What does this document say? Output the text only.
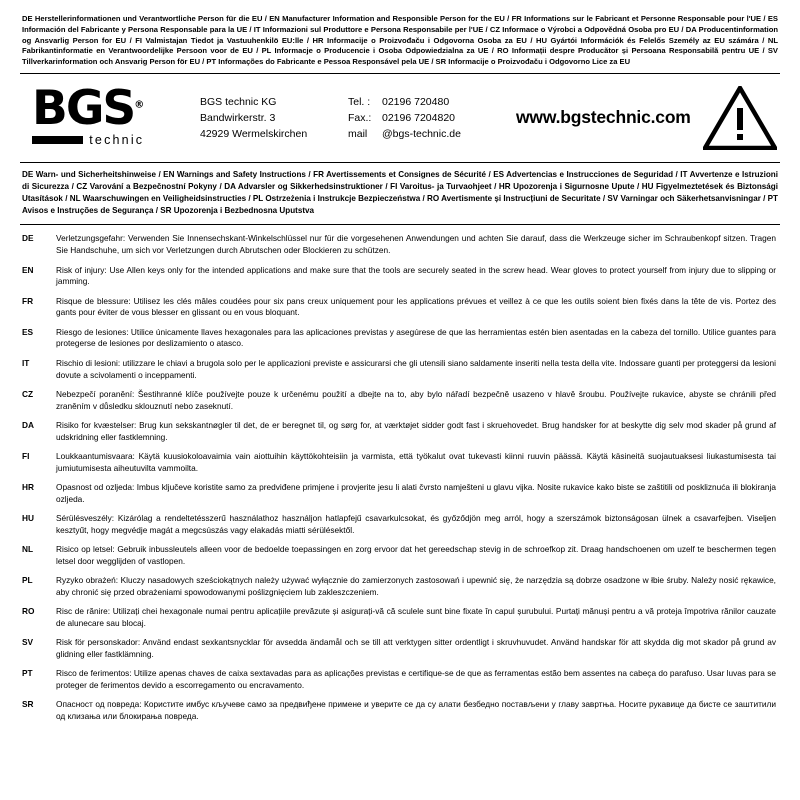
DE Herstellerinformationen und Verantwortliche Person für die EU / EN Manufacturer Information and Responsible Person for the EU / FR Informations sur le Fabricant et Personne Responsable pour l'UE / ES Información del Fabricante y Persona Responsable para la UE / IT Informazioni sul Produttore e Persona Responsabile per l'UE / CZ Informace o Výrobci a Odpovědná Osoba pro EU / DA Producentinformation og Ansvarlig Person for EU / FI Valmistajan Tiedot ja Vastuuhenkilö EU:lle / HR Informacije o Proizvođaču i Odgovorna Osoba za EU / HU Gyártói Információk és Felelős Személy az EU számára / NL Fabrikantinformatie en Verantwoordelijke Persoon voor de EU / PL Informacje o Producencie i Osoba Odpowiedzialna za UE / RO Informații despre Producător și Persoana Responsabilă pentru UE / SV Tillverkarinformation och Ansvarig Person för EU / PT Informações do Fabricante e Pessoa Responsável pela UE / SR Informacije o Proizvođaču i Odgovorno Lice za EU
BGS®
technic
BGS technic KG
Bandwirkerstr. 3
42929 Wermelskirchen
Tel. :	02196 720480
Fax.:	02196 7204820
mail	@bgs-technic.de
www.bgstechnic.com
DE Warn- und Sicherheitshinweise / EN Warnings and Safety Instructions / FR Avertissements et Consignes de Sécurité / ES Advertencias e Instrucciones de Seguridad / IT Avvertenze e Istruzioni di Sicurezza / CZ Varování a Bezpečnostní Pokyny / DA Advarsler og Sikkerhedsinstruktioner / FI Varoitus- ja Turvaohjeet / HR Upozorenja i Sigurnosne Upute / HU Figyelmeztetések és Biztonsági Utasítások / NL Waarschuwingen en Veiligheidsinstructies / PL Ostrzeżenia i Instrukcje Bezpieczeństwa / RO Avertismente și Instrucțiuni de Securitate / SV Varningar och Säkerhetsanvisningar / PT Avisos e Instruções de Segurança / SR Upozorenja i Bezbednosna Uputstva
DE	Verletzungsgefahr: Verwenden Sie Innensechskant-Winkelschlüssel nur für die vorgesehenen Anwendungen und achten Sie darauf, dass die Werkzeuge sicher im Schraubenkopf sitzen. Tragen Sie Handschuhe, um sich vor Verletzungen durch Abrutschen oder Blockieren zu schützen.
EN	Risk of injury: Use Allen keys only for the intended applications and make sure that the tools are securely seated in the screw head. Wear gloves to protect yourself from injury due to slipping or jamming.
FR	Risque de blessure: Utilisez les clés mâles coudées pour six pans creux uniquement pour les applications prévues et veillez à ce que les outils soient bien fixés dans la tête de vis. Portez des gants pour éviter de vous blesser en glissant ou en vous bloquant.
ES	Riesgo de lesiones: Utilice únicamente llaves hexagonales para las aplicaciones previstas y asegúrese de que las herramientas estén bien asentadas en la cabeza del tornillo. Utilice guantes para protegerse de lesiones por deslizamiento o atasco.
IT	Rischio di lesioni: utilizzare le chiavi a brugola solo per le applicazioni previste e assicurarsi che gli utensili siano saldamente inseriti nella testa della vite. Indossare guanti per proteggersi da lesioni dovute a scivolamenti o inceppamenti.
CZ	Nebezpečí poranění: Šestihranné klíče používejte pouze k určenému použití a dbejte na to, aby bylo nářadí bezpečně usazeno v hlavě šroubu. Používejte rukavice, abyste se chránili před zraněním v důsledku sklouznutí nebo zaseknutí.
DA	Risiko for kvæstelser: Brug kun sekskantnøgler til det, de er beregnet til, og sørg for, at værktøjet sidder godt fast i skruehovedet. Brug handsker for at beskytte dig selv mod skader på grund af udskridning eller fastklemning.
FI	Loukkaantumisvaara: Käytä kuusiokoloavaimia vain aiottuihin käyttökohteisiin ja varmista, että työkalut ovat tukevasti kiinni ruuvin päässä. Käytä käsineitä suojautuaksesi liukastumisesta tai jumiutumisesta aiheutuvilta vammoilta.
HR	Opasnost od ozljeda: Imbus ključeve koristite samo za predviđene primjene i provjerite jesu li alati čvrsto namješteni u glavu vijka. Nosite rukavice kako biste se zaštitili od poskliznuća ili blokiranja ozljeda.
HU	Sérülésveszély: Kizárólag a rendeltetésszerű használathoz használjon hatlapfejű csavarkulcsokat, és győződjön meg arról, hogy a szerszámok biztonságosan ülnek a csavarfejben. Viseljen kesztyűt, hogy megvédje magát a megcsúszás vagy elakadás miatti sérülésektől.
NL	Risico op letsel: Gebruik inbussleutels alleen voor de bedoelde toepassingen en zorg ervoor dat het gereedschap stevig in de schroefkop zit. Draag handschoenen om uzelf te beschermen tegen letsel door wegglijden of vastlopen.
PL	Ryzyko obrażeń: Kluczy nasadowych sześciokątnych należy używać wyłącznie do zamierzonych zastosowań i upewnić się, że narzędzia są dobrze osadzone w łbie śruby. Należy nosić rękawice, aby chronić się przed obrażeniami spowodowanymi poślizgnięciem lub zakleszczeniem.
RO	Risc de rănire: Utilizați chei hexagonale numai pentru aplicațiile prevăzute și asigurați-vă că sculele sunt bine fixate în capul șurubului. Purtați mănuși pentru a vă proteja împotriva rănilor cauzate de alunecare sau blocaj.
SV	Risk för personskador: Använd endast sexkantsnycklar för avsedda ändamål och se till att verktygen sitter ordentligt i skruvhuvudet. Använd handskar för att skydda dig mot skador på grund av glidning eller fastklämning.
PT	Risco de ferimentos: Utilize apenas chaves de caixa sextavadas para as aplicações previstas e certifique-se de que as ferramentas estão bem assentes na cabeça do parafuso. Usar luvas para se proteger de ferimentos devido a escorregamento ou encravamento.
SR	Опасност од повреда: Користите имбус кључеве само за предвиђене примене и уверите се да су алати безбедно постављени у главу завртња. Носите рукавице да бисте се заштитили од клизања или блокирања повреда.
